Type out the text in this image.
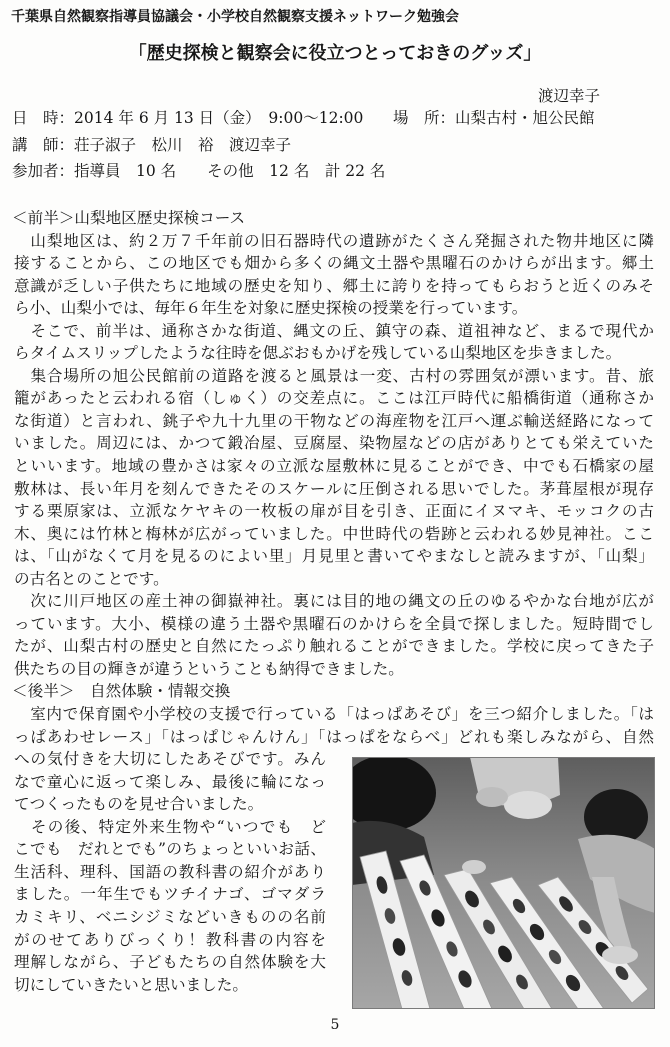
千葉県自然観察指導員協議会・小学校自然観察支援ネットワーク勉強会
「歴史探検と観察会に役立つとっておきのグッズ」
渡辺幸子
日　時：2014 年 6 月 13 日（金）　9:00～12:00 場　所：山梨古村・旭公民館
講　師：荘子淑子　松川　裕　渡辺幸子
参加者：指導員　10 名　　その他　12 名　計 22 名
＜前半＞山梨地区歴史探検コース
　山梨地区は、約２万７千年前の旧石器時代の遺跡がたくさん発掘された物井地区に隣
接することから、この地区でも畑から多くの縄文土器や黒曜石のかけらが出ます。郷土
意識が乏しい子供たちに地域の歴史を知り、郷土に誇りを持ってもらおうと近くのみそ
ら小、山梨小では、毎年６年生を対象に歴史探検の授業を行っています。
　そこで、前半は、通称さかな街道、縄文の丘、鎮守の森、道祖神など、まるで現代か
らタイムスリップしたような往時を偲ぶおもかげを残している山梨地区を歩きました。
　集合場所の旭公民館前の道路を渡ると風景は一変、古村の雰囲気が漂います。昔、旅
籠があったと云われる宿（しゅく）の交差点に。ここは江戸時代に船橋街道（通称さか
な街道）と言われ、銚子や九十九里の干物などの海産物を江戸へ運ぶ輸送経路になって
いました。周辺には、かつて鍛冶屋、豆腐屋、染物屋などの店がありとても栄えていた
といいます。地域の豊かさは家々の立派な屋敷林に見ることができ、中でも石橋家の屋
敷林は、長い年月を刻んできたそのスケールに圧倒される思いでした。茅葺屋根が現存
する栗原家は、立派なケヤキの一枚板の扉が目を引き、正面にイヌマキ、モッコクの古
木、奥には竹林と梅林が広がっていました。中世時代の砦跡と云われる妙見神社。ここ
は、「山がなくて月を見るのによい里」月見里と書いてやまなしと読みますが、「山梨」
の古名とのことです。
　次に川戸地区の産土神の御嶽神社。裏には目的地の縄文の丘のゆるやかな台地が広が
っています。大小、模様の違う土器や黒曜石のかけらを全員で探しました。短時間でし
たが、山梨古村の歴史と自然にたっぷり触れることができました。学校に戻ってきた子
供たちの目の輝きが違うということも納得できました。
＜後半＞　自然体験・情報交換
　室内で保育園や小学校の支援で行っている「はっぱあそび」を三つ紹介しました。「は
っぱあわせレース」「はっぱじゃんけん」「はっぱをならべ」どれも楽しみながら、自然
への気付きを大切にしたあそびです。みん
なで童心に返って楽しみ、最後に輪になっ
てつくったものを見せ合いました。
　その後、特定外来生物や“いつでも　ど
こでも　だれとでも”のちょっといいお話、
生活科、理科、国語の教科書の紹介があり
ました。一年生でもツチイナゴ、ゴマダラ
カミキリ、ベニシジミなどいきものの名前
がのせてありびっくり！教科書の内容を
理解しながら、子どもたちの自然体験を大
切にしていきたいと思いました。
5
